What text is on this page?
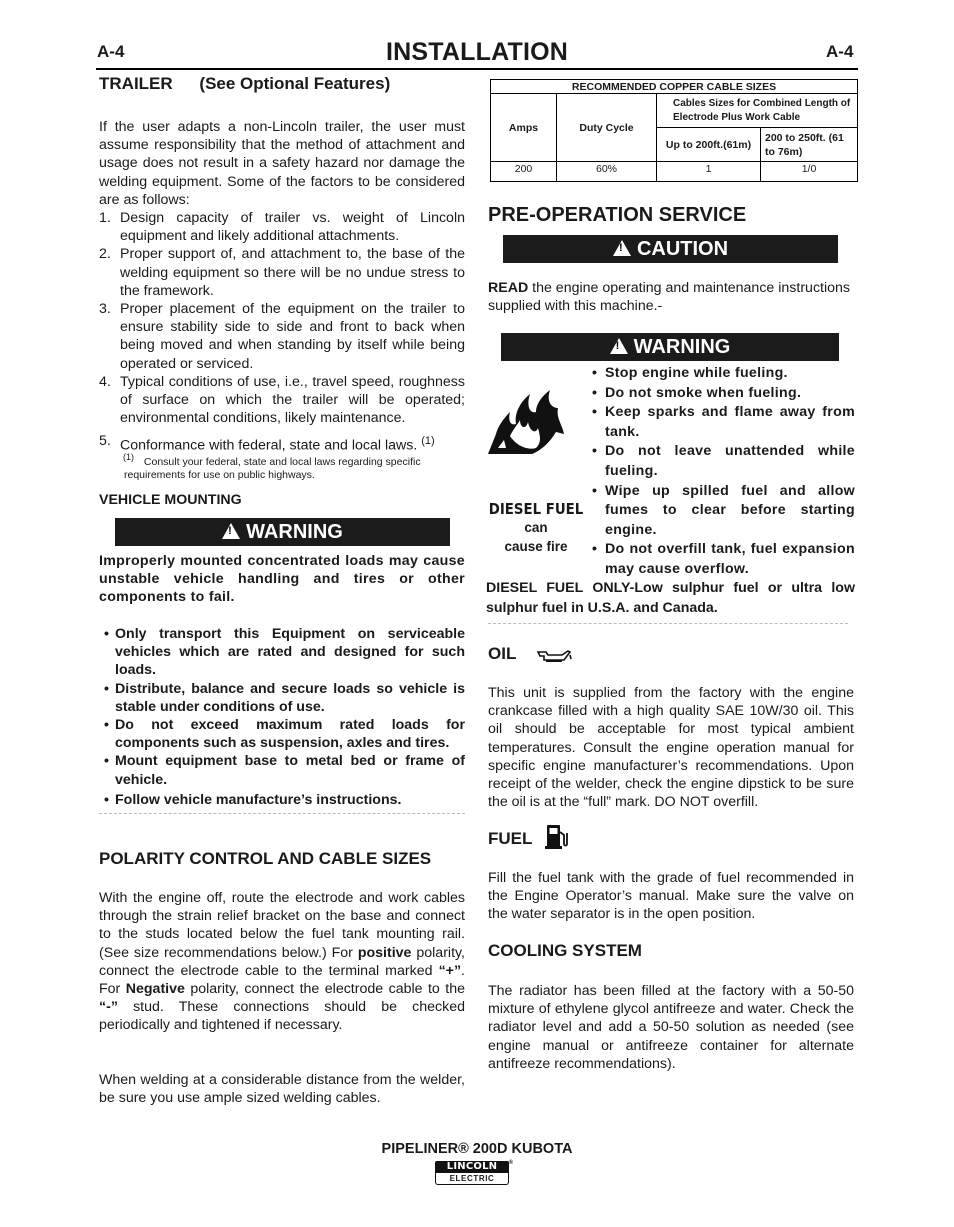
A-4	INSTALLATION	A-4
TRAILER (See Optional Features)
If the user adapts a non-Lincoln trailer, the user must assume responsibility that the method of attachment and usage does not result in a safety hazard nor damage the welding equipment. Some of the factors to be considered are as follows:
1. Design capacity of trailer vs. weight of Lincoln equipment and likely additional attachments.
2. Proper support of, and attachment to, the base of the welding equipment so there will be no undue stress to the framework.
3. Proper placement of the equipment on the trailer to ensure stability side to side and front to back when being moved and when standing by itself while being operated or serviced.
4. Typical conditions of use, i.e., travel speed, roughness of surface on which the trailer will be operated; environmental conditions, likely maintenance.
5. Conformance with federal, state and local laws. $^{(1)}$
$^{(1)}$ Consult your federal, state and local laws regarding specific requirements for use on public highways.
VEHICLE MOUNTING
!WARNING
Improperly mounted concentrated loads may cause unstable vehicle handling and tires or other components to fail.
• Only transport this Equipment on serviceable vehicles which are rated and designed for such loads.
• Distribute, balance and secure loads so vehicle is stable under conditions of use.
• Do not exceed maximum rated loads for components such as suspension, axles and tires.
• Mount equipment base to metal bed or frame of vehicle.
• Follow vehicle manufacture’s instructions.
POLARITY CONTROL AND CABLE SIZES
With the engine off, route the electrode and work cables through the strain relief bracket on the base and connect to the studs located below the fuel tank mounting rail. (See size recommendations below.) For positive polarity, connect the electrode cable to the terminal marked “+”. For Negative polarity, connect the electrode cable to the “-” stud. These connections should be checked periodically and tightened if necessary.
When welding at a considerable distance from the welder, be sure you use ample sized welding cables.
RECOMMENDED COPPER CABLE SIZES			
Amps	Duty Cycle	Cables Sizes for Combined Length of Electrode Plus Work Cable	
		Up to 200ft.(61m)	200 to 250ft. (61 to 76m)
200	60%	1	1/0
PRE-OPERATION SERVICE
!CAUTION
READ the engine operating and maintenance instructions supplied with this machine.-
!WARNING
DIESEL FUEL
can
cause fire
• Stop engine while fueling.
• Do not smoke when fueling.
• Keep sparks and flame away from tank.
• Do not leave unattended while fueling.
• Wipe up spilled fuel and allow fumes to clear before starting engine.
• Do not overfill tank, fuel expansion may cause overflow.
DIESEL FUEL ONLY-Low sulphur fuel or ultra low sulphur fuel in U.S.A. and Canada.
OIL
This unit is supplied from the factory with the engine crankcase filled with a high quality SAE 10W/30 oil. This oil should be acceptable for most typical ambient temperatures. Consult the engine operation manual for specific engine manufacturer’s recommendations. Upon receipt of the welder, check the engine dipstick to be sure the oil is at the “full” mark. DO NOT overfill.
FUEL
Fill the fuel tank with the grade of fuel recommended in the Engine Operator’s manual. Make sure the valve on the water separator is in the open position.
COOLING SYSTEM
The radiator has been filled at the factory with a 50-50 mixture of ethylene glycol antifreeze and water. Check the radiator level and add a 50-50 solution as needed (see engine manual or antifreeze container for alternate antifreeze recommendations).
PIPELINER® 200D KUBOTA
LINCOLN
ELECTRIC
®
